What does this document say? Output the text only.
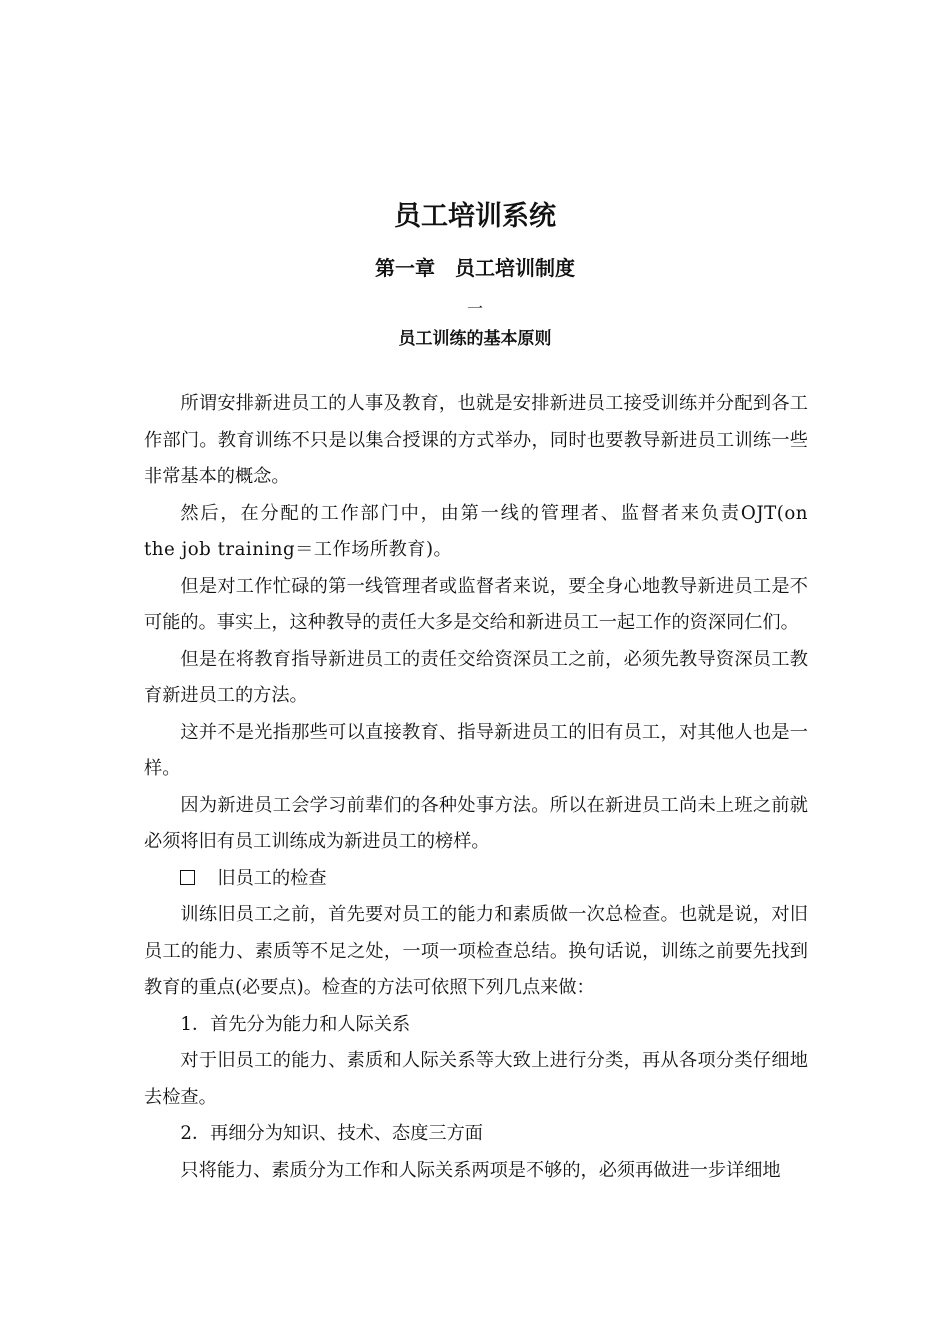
员工培训系统
第一章　员工培训制度
一
员工训练的基本原则

所谓安排新进员工的人事及教育，也就是安排新进员工接受训练并分配到各工作部门。教育训练不只是以集合授课的方式举办，同时也要教导新进员工训练一些非常基本的概念。

然后，在分配的工作部门中，由第一线的管理者、监督者来负责OJT(on the job training＝工作场所教育)。

但是对工作忙碌的第一线管理者或监督者来说，要全身心地教导新进员工是不可能的。事实上，这种教导的责任大多是交给和新进员工一起工作的资深同仁们。

但是在将教育指导新进员工的责任交给资深员工之前，必须先教导资深员工教育新进员工的方法。

这并不是光指那些可以直接教育、指导新进员工的旧有员工，对其他人也是一样。

因为新进员工会学习前辈们的各种处事方法。所以在新进员工尚未上班之前就必须将旧有员工训练成为新进员工的榜样。

旧员工的检查

训练旧员工之前，首先要对员工的能力和素质做一次总检查。也就是说，对旧员工的能力、素质等不足之处，一项一项检查总结。换句话说，训练之前要先找到教育的重点(必要点)。检查的方法可依照下列几点来做：

1．首先分为能力和人际关系

对于旧员工的能力、素质和人际关系等大致上进行分类，再从各项分类仔细地去检查。

2．再细分为知识、技术、态度三方面

只将能力、素质分为工作和人际关系两项是不够的，必须再做进一步详细地
